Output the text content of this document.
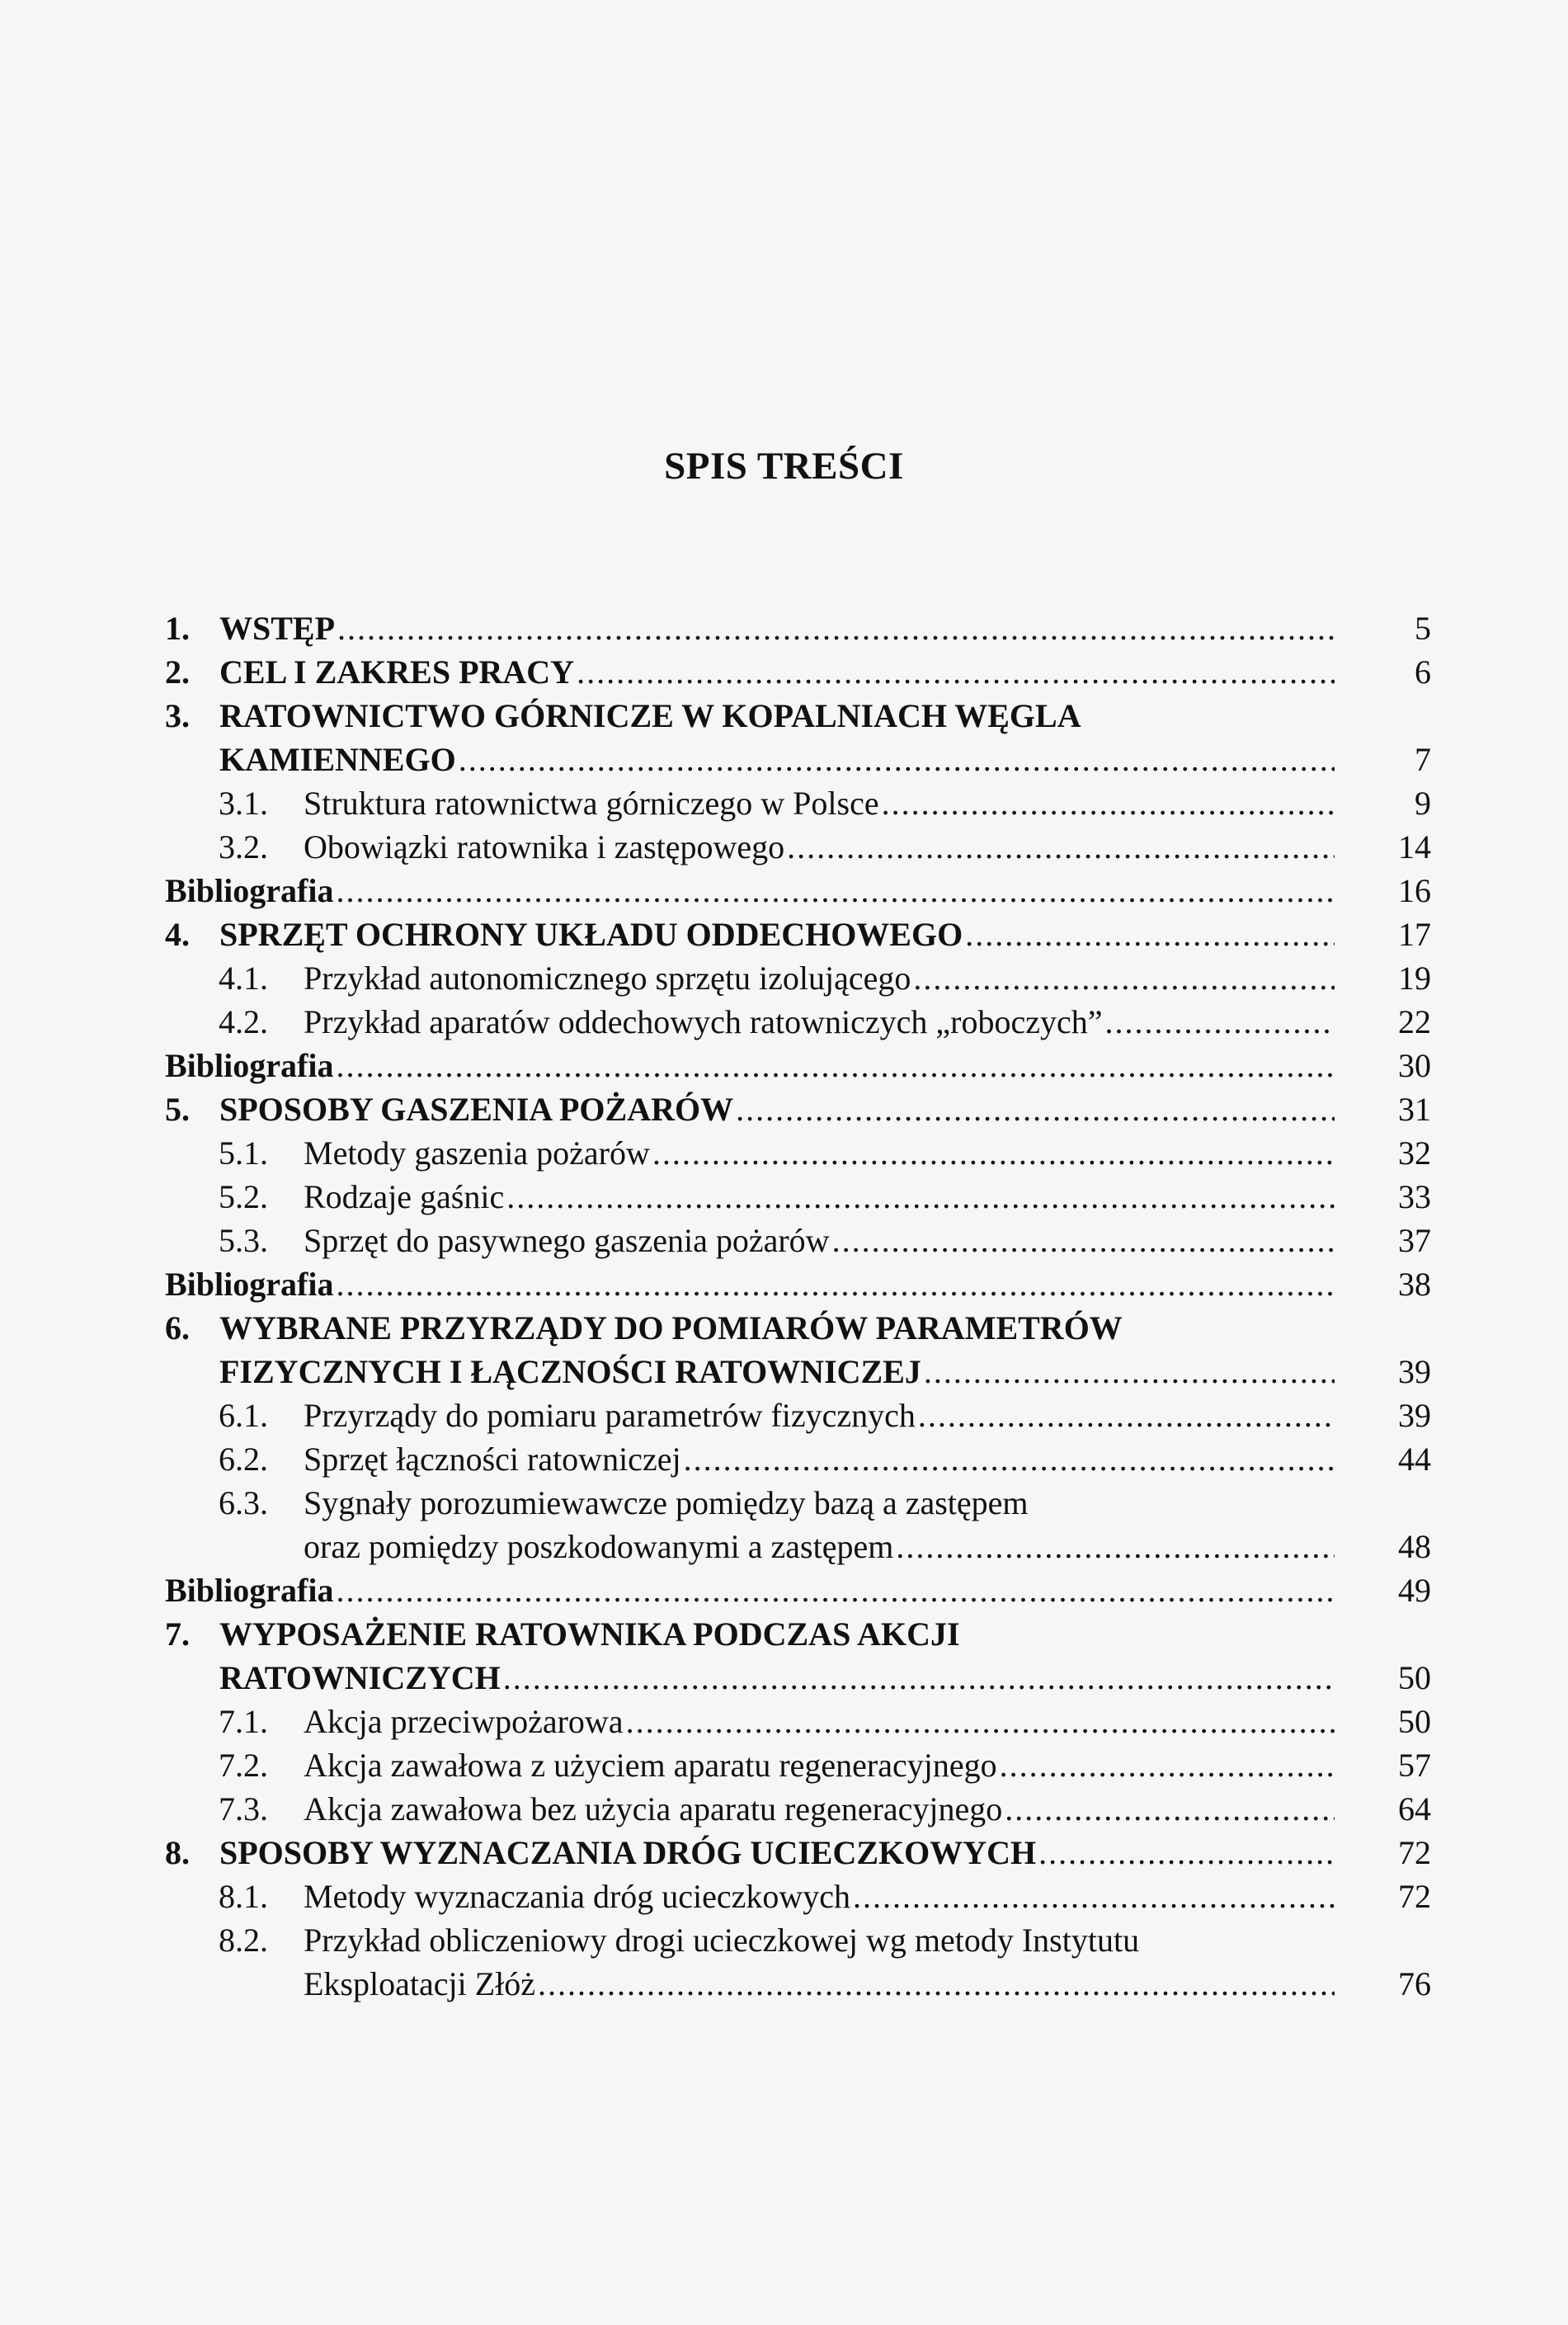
SPIS TREŚCI
1. WSTĘP .....	5
2. CEL I ZAKRES PRACY .....	6
3. RATOWNICTWO GÓRNICZE W KOPALNIACH WĘGLA
KAMIENNEGO .....	7
3.1. Struktura ratownictwa górniczego w Polsce .....	9
3.2. Obowiązki ratownika i zastępowego .....	14
Bibliografia .....	16
4. SPRZĘT OCHRONY UKŁADU ODDECHOWEGO .....	17
4.1. Przykład autonomicznego sprzętu izolującego .....	19
4.2. Przykład aparatów oddechowych ratowniczych „roboczych” .....	22
Bibliografia .....	30
5. SPOSOBY GASZENIA POŻARÓW .....	31
5.1. Metody gaszenia pożarów .....	32
5.2. Rodzaje gaśnic .....	33
5.3. Sprzęt do pasywnego gaszenia pożarów .....	37
Bibliografia .....	38
6. WYBRANE PRZYRZĄDY DO POMIARÓW PARAMETRÓW
FIZYCZNYCH I ŁĄCZNOŚCI RATOWNICZEJ .....	39
6.1. Przyrządy do pomiaru parametrów fizycznych .....	39
6.2. Sprzęt łączności ratowniczej .....	44
6.3. Sygnały porozumiewawcze pomiędzy bazą a zastępem
oraz pomiędzy poszkodowanymi a zastępem .....	48
Bibliografia .....	49
7. WYPOSAŻENIE RATOWNIKA PODCZAS AKCJI
RATOWNICZYCH .....	50
7.1. Akcja przeciwpożarowa .....	50
7.2. Akcja zawałowa z użyciem aparatu regeneracyjnego .....	57
7.3. Akcja zawałowa bez użycia aparatu regeneracyjnego .....	64
8. SPOSOBY WYZNACZANIA DRÓG UCIECZKOWYCH .....	72
8.1. Metody wyznaczania dróg ucieczkowych .....	72
8.2. Przykład obliczeniowy drogi ucieczkowej wg metody Instytutu
Eksploatacji Złóż .....	76
